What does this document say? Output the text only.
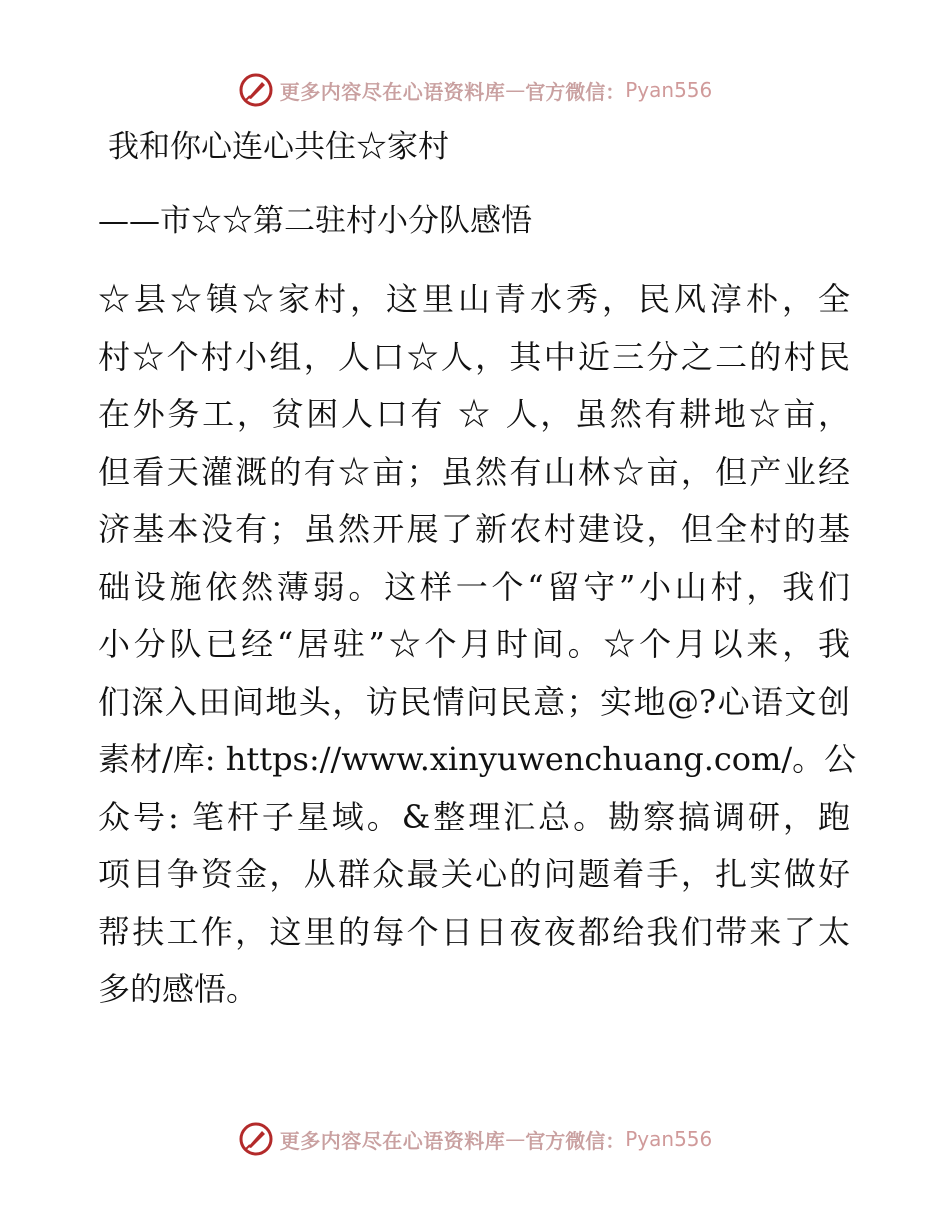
更多内容尽在心语资料库 — 官方微信： Pyan556
我和你心连心共住☆家村
——市☆☆第二驻村小分队感悟
☆县☆镇☆家村，这里山青水秀，民风淳朴，全
村☆个村小组，人口☆人，其中近三分之二的村民
在外务工，贫困人口有 ☆ 人，虽然有耕地☆亩，
但看天灌溉的有☆亩；虽然有山林☆亩，但产业经
济基本没有；虽然开展了新农村建设，但全村的基
础设施依然薄弱。这样一个“留守”小山村，我们
小分队已经“居驻”☆个月时间。☆个月以来，我
们深入田间地头，访民情问民意；实地@?心语文创
素材/库: https://www.xinyuwenchuang.com/。公
众号: 笔杆子星域。&整理汇总。勘察搞调研，跑
项目争资金，从群众最关心的问题着手，扎实做好
帮扶工作，这里的每个日日夜夜都给我们带来了太
多的感悟。
更多内容尽在心语资料库 — 官方微信： Pyan556
